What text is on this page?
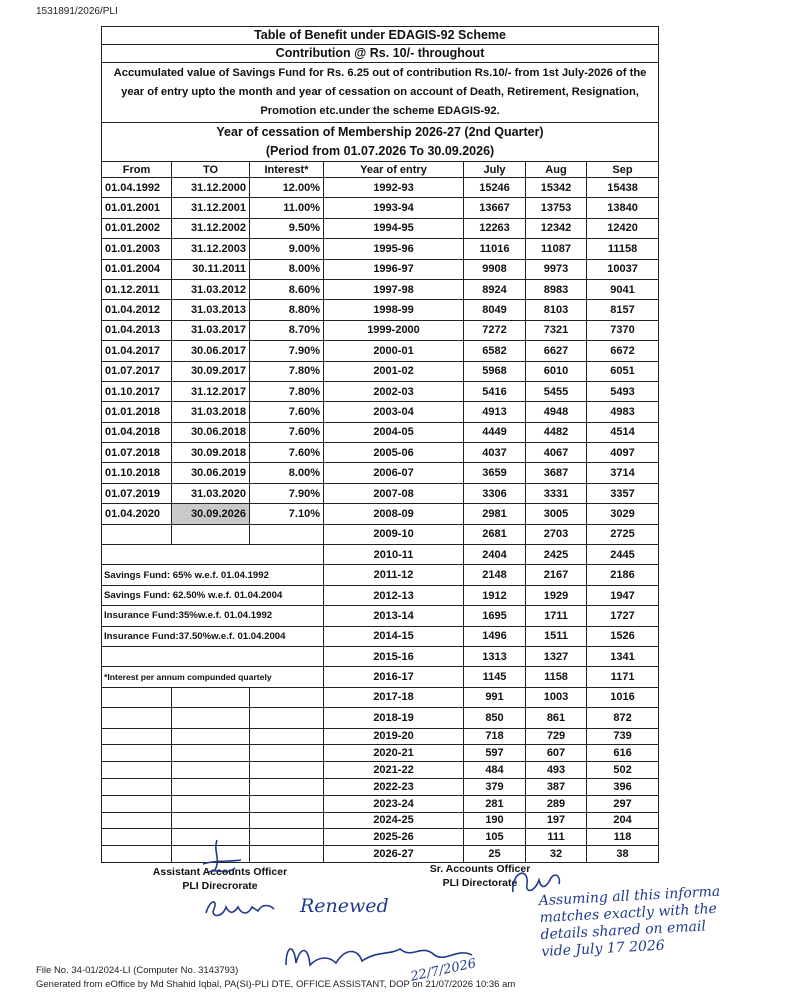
1531891/2026/PLI
Table of Benefit under EDAGIS-92 Scheme						
Contribution @ Rs. 10/- throughout						
Accumulated value of Savings Fund for Rs. 6.25 out of contribution Rs.10/- from 1st July-2026 of the year of entry upto the month and year of cessation on account of Death, Retirement, Resignation, Promotion etc.under the scheme EDAGIS-92.						

Year of cessation of Membership 2026-27 (2nd Quarter)
(Period from 01.07.2026 To 30.09.2026)						

From	TO	Interest*	Year of entry	July	Aug	Sep
01.04.1992	31.12.2000	12.00%	1992-93	15246	15342	15438
01.01.2001	31.12.2001	11.00%	1993-94	13667	13753	13840
01.01.2002	31.12.2002	9.50%	1994-95	12263	12342	12420
01.01.2003	31.12.2003	9.00%	1995-96	11016	11087	11158
01.01.2004	30.11.2011	8.00%	1996-97	9908	9973	10037
01.12.2011	31.03.2012	8.60%	1997-98	8924	8983	9041
01.04.2012	31.03.2013	8.80%	1998-99	8049	8103	8157
01.04.2013	31.03.2017	8.70%	1999-2000	7272	7321	7370
01.04.2017	30.06.2017	7.90%	2000-01	6582	6627	6672
01.07.2017	30.09.2017	7.80%	2001-02	5968	6010	6051
01.10.2017	31.12.2017	7.80%	2002-03	5416	5455	5493
01.01.2018	31.03.2018	7.60%	2003-04	4913	4948	4983
01.04.2018	30.06.2018	7.60%	2004-05	4449	4482	4514
01.07.2018	30.09.2018	7.60%	2005-06	4037	4067	4097
01.10.2018	30.06.2019	8.00%	2006-07	3659	3687	3714
01.07.2019	31.03.2020	7.90%	2007-08	3306	3331	3357
01.04.2020	30.09.2026	7.10%	2008-09	2981	3005	3029
			2009-10	2681	2703	2725
			2010-11	2404	2425	2445
Savings Fund: 65% w.e.f. 01.04.1992			2011-12	2148	2167	2186
Savings Fund: 62.50% w.e.f. 01.04.2004			2012-13	1912	1929	1947
Insurance Fund:35%w.e.f. 01.04.1992			2013-14	1695	1711	1727
Insurance Fund:37.50%w.e.f. 01.04.2004			2014-15	1496	1511	1526
			2015-16	1313	1327	1341
*Interest per annum compunded quartely			2016-17	1145	1158	1171
			2017-18	991	1003	1016
			2018-19	850	861	872
			2019-20	718	729	739
			2020-21	597	607	616
			2021-22	484	493	502
			2022-23	379	387	396
			2023-24	281	289	297
			2024-25	190	197	204
			2025-26	105	111	118
			2026-27	25	32	38
Assistant Accounts Officer
PLI Direcrorate
Sr. Accounts Officer
PLI Directorate
Renewed	Assuming all this informa matches exactly with the details shared on email vide July 17 2026
22/7/2026
File No. 34-01/2024-LI (Computer No. 3143793)
Generated from eOffice by Md Shahid Iqbal, PA(SI)-PLI DTE, OFFICE ASSISTANT, DOP on 21/07/2026 10:36 am
